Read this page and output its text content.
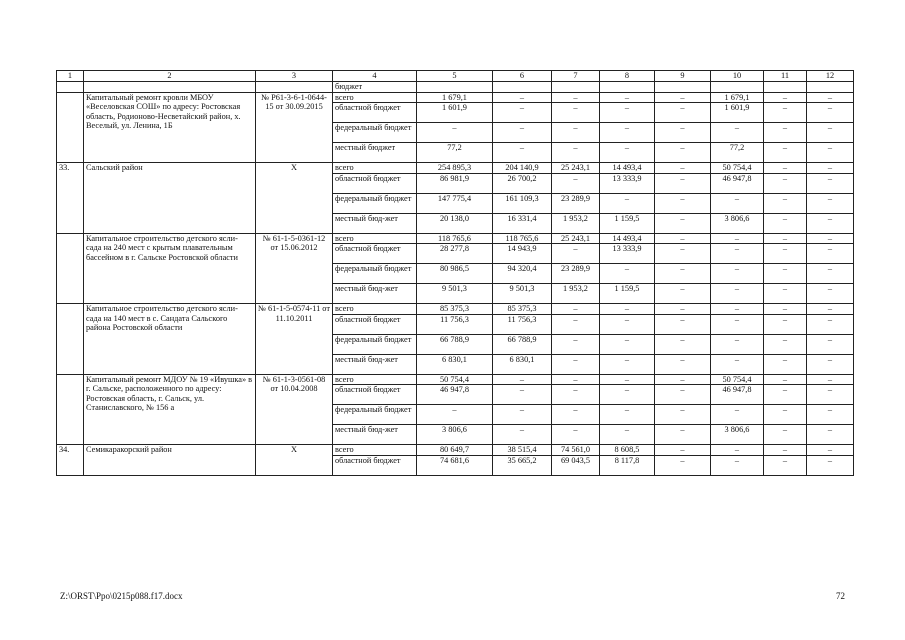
1	2	3	4	5	6	7	8	9	10	11	12
			бюджет								
	Капитальный ремонт кровли МБОУ «Веселовская СОШ» по адресу: Ростовская область, Родионово-Несветайский район, х. Веселый, ул. Ленина, 1Б	№ Р61-3-6-1-0644-15 от 30.09.2015	всего	1 679,1	–	–	–	–	1 679,1	–	–
			областной бюджет	1 601,9	–	–	–	–	1 601,9	–	–
			федеральный бюджет	–	–	–	–	–	–	–	–
			местный бюджет	77,2	–	–	–	–	77,2	–	–
33.	Сальский район	Х	всего	254 895,3	204 140,9	25 243,1	14 493,4	–	50 754,4	–	–
			областной бюджет	86 981,9	26 700,2	–	13 333,9	–	46 947,8	–	–
			федеральный бюджет	147 775,4	161 109,3	23 289,9	–	–	–	–	–
			местный бюд-жет	20 138,0	16 331,4	1 953,2	1 159,5	–	3 806,6	–	–
	Капитальное строительство детского ясли-сада на 240 мест с крытым плавательным бассейном в г. Сальске Ростовской области	№ 61-1-5-0361-12 от 15.06.2012	всего	118 765,6	118 765,6	25 243,1	14 493,4	–	–	–	–
			областной бюджет	28 277,8	14 943,9	–	13 333,9	–	–	–	–
			федеральный бюджет	80 986,5	94 320,4	23 289,9	–	–	–	–	–
			местный бюд-жет	9 501,3	9 501,3	1 953,2	1 159,5	–	–	–	–
	Капитальное строительство детского ясли-сада на 140 мест в с. Сандата Сальского района Ростовской области	№ 61-1-5-0574-11 от 11.10.2011	всего	85 375,3	85 375,3	–	–	–	–	–	–
			областной бюджет	11 756,3	11 756,3	–	–	–	–	–	–
			федеральный бюджет	66 788,9	66 788,9	–	–	–	–	–	–
			местный бюд-жет	6 830,1	6 830,1	–	–	–	–	–	–
	Капитальный ремонт МДОУ № 19 «Ивушка» в г. Сальске, расположенного по адресу: Ростовская область, г. Сальск, ул. Станиславского, № 156 а	№ 61-1-3-0561-08 от 10.04.2008	всего	50 754,4	–	–	–	–	50 754,4	–	–
			областной бюджет	46 947,8	–	–	–	–	46 947,8	–	–
			федеральный бюджет	–	–	–	–	–	–	–	–
			местный бюд-жет	3 806,6	–	–	–	–	3 806,6	–	–
34.	Семикаракорский район	Х	всего	80 649,7	38 515,4	74 561,0	8 608,5	–	–	–	–
			областной бюджет	74 681,6	35 665,2	69 043,5	8 117,8	–	–	–	–
Z:\ORST\Ppo\0215p088.f17.docx	72
